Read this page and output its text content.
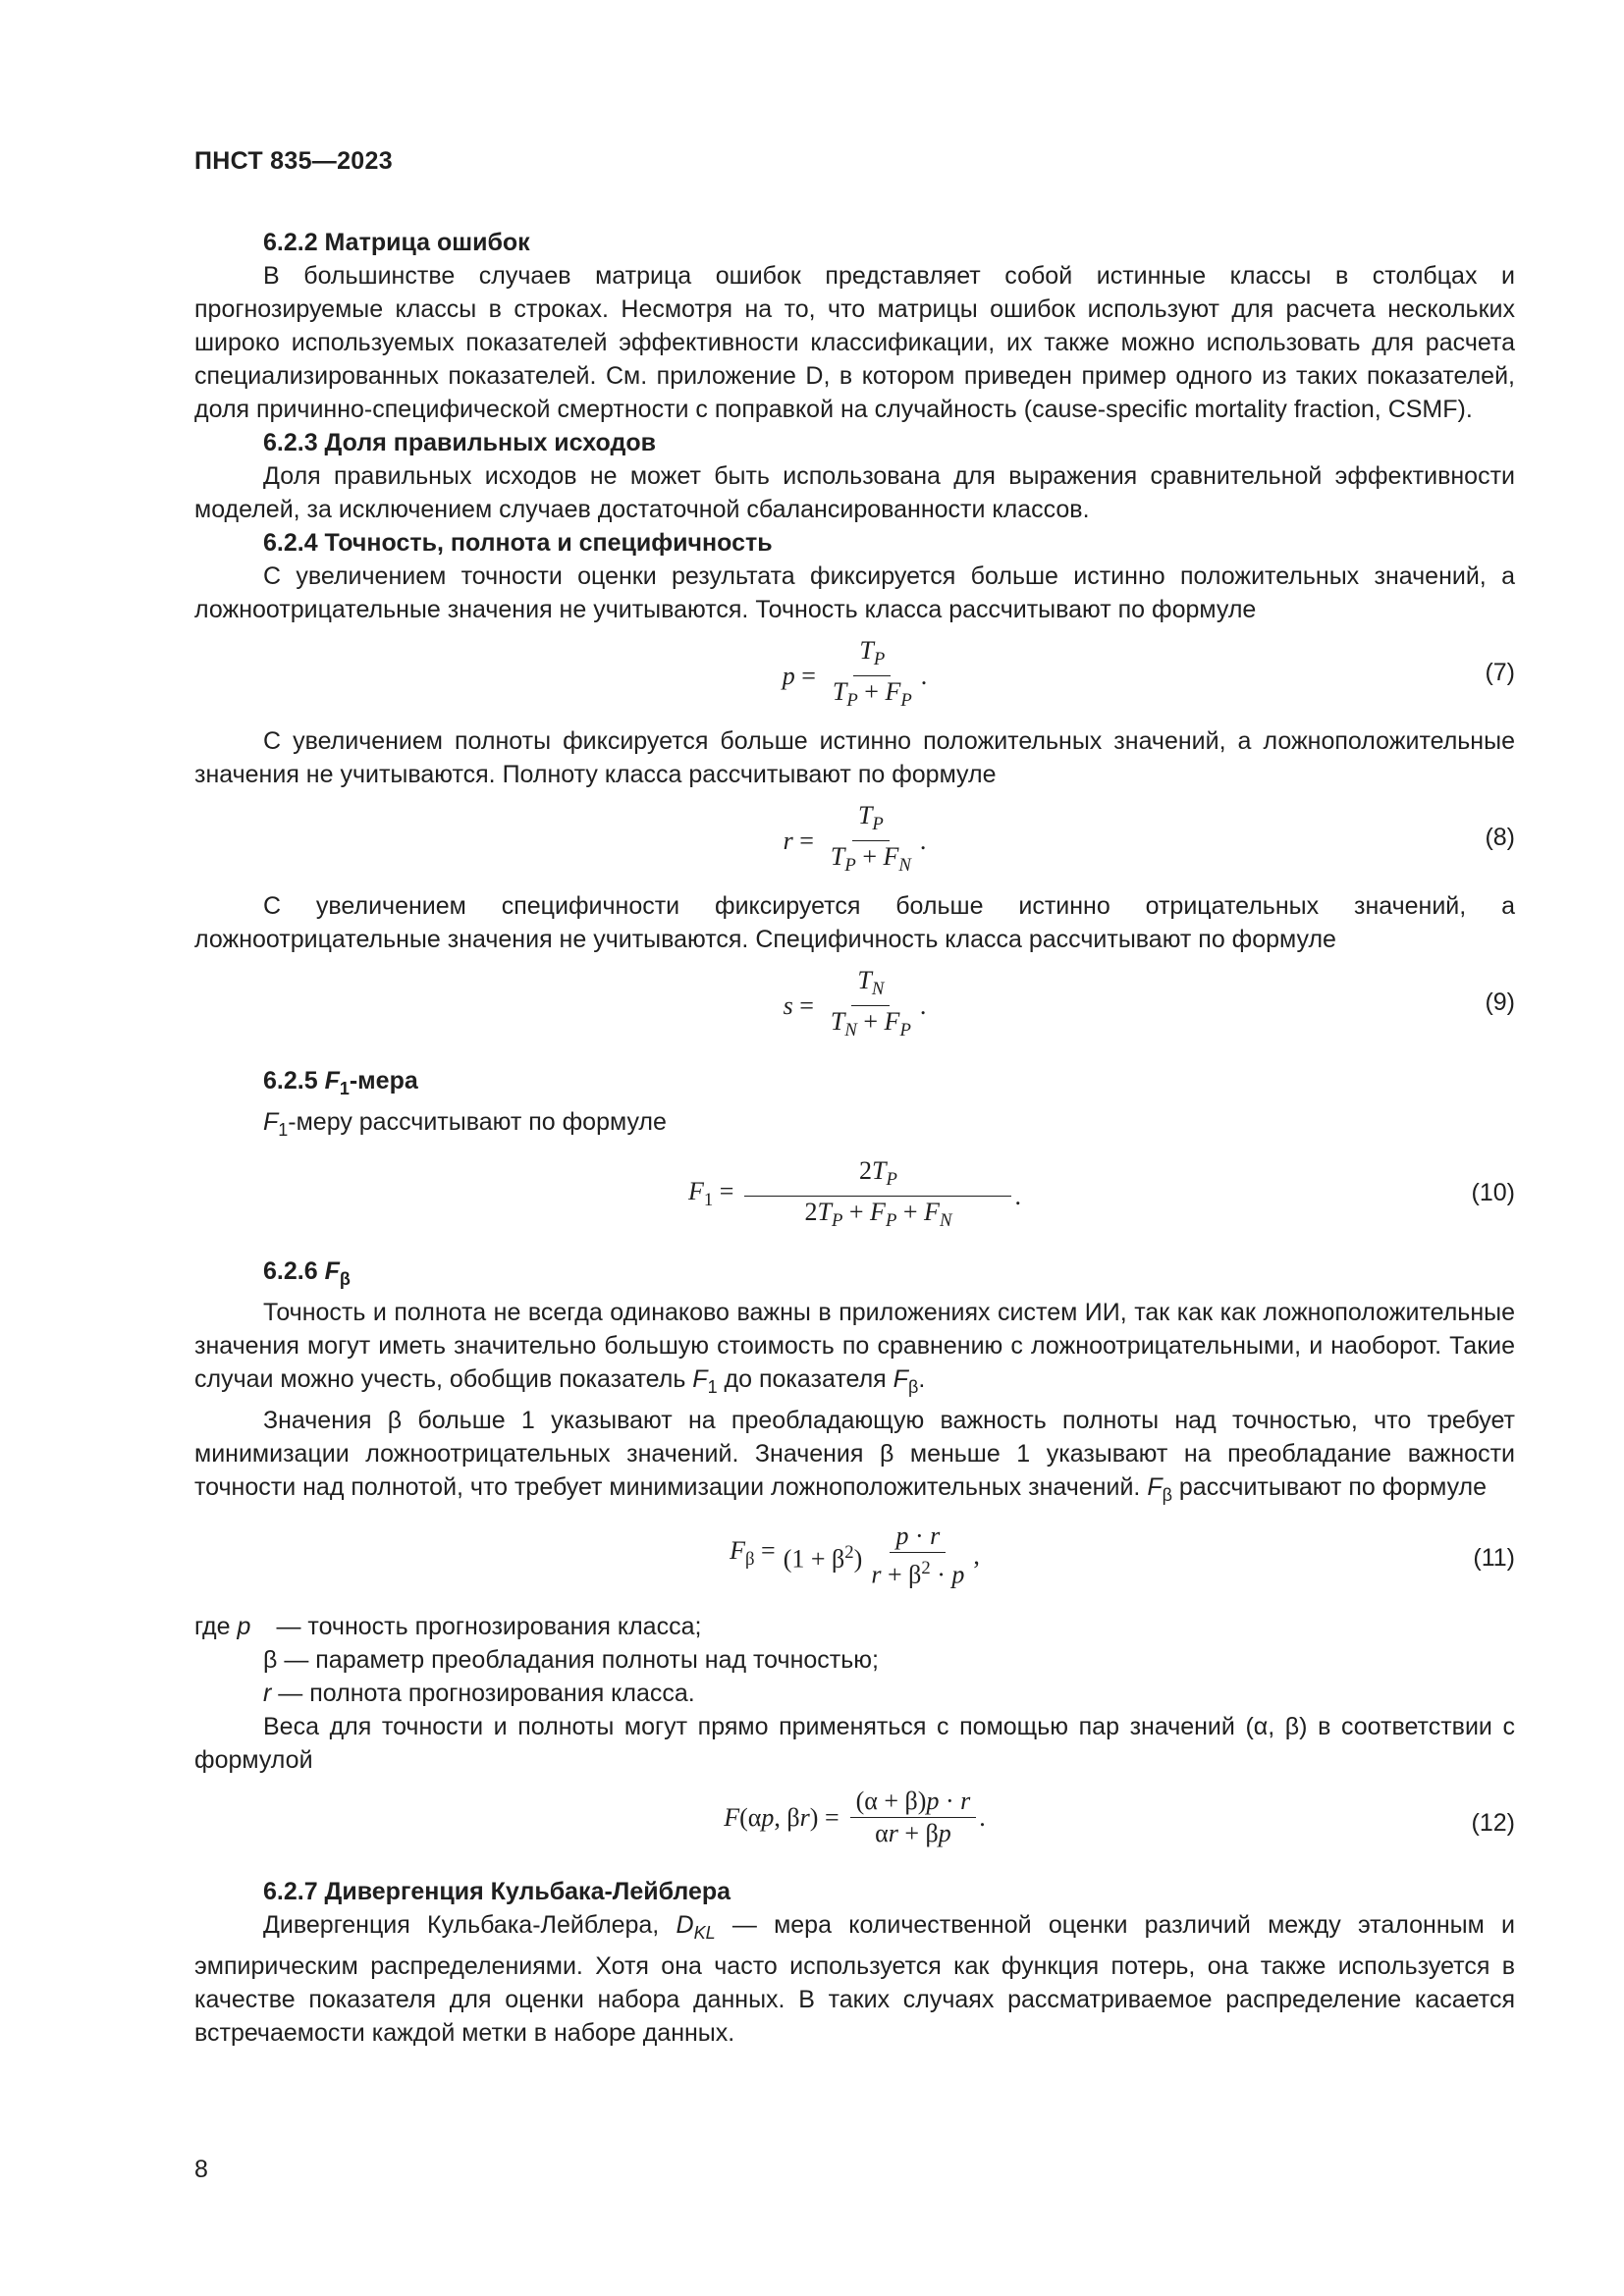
ПНСТ 835—2023
6.2.2 Матрица ошибок

В большинстве случаев матрица ошибок представляет собой истинные классы в столбцах и прогнозируемые классы в строках. Несмотря на то, что матрицы ошибок используют для расчета нескольких широко используемых показателей эффективности классификации, их также можно использовать для расчета специализированных показателей. См. приложение D, в котором приведен пример одного из таких показателей, доля причинно-специфической смертности с поправкой на случайность (cause-specific mortality fraction, CSMF).

6.2.3 Доля правильных исходов

Доля правильных исходов не может быть использована для выражения сравнительной эффективности моделей, за исключением случаев достаточной сбалансированности классов.

6.2.4 Точность, полнота и специфичность

С увеличением точности оценки результата фиксируется больше истинно положительных значений, а ложноотрицательные значения не учитываются. Точность класса рассчитывают по формуле

$p = \frac{T_P}{T_P + F_P}$ .	(7)

С увеличением полноты фиксируется больше истинно положительных значений, а ложноположительные значения не учитываются. Полноту класса рассчитывают по формуле

$r = \frac{T_P}{T_P + F_N}$ .	(8)

С увеличением специфичности фиксируется больше истинно отрицательных значений, а ложноотрицательные значения не учитываются. Специфичность класса рассчитывают по формуле

$s = \frac{T_N}{T_N + F_P}$ .	(9)
6.2.5 $F_1$-мера

$F_1$-меру рассчитывают по формуле

$F_1 = \frac{2T_P}{2T_P + F_P + F_N}$ .	(10)
6.2.6 $F_\beta$

Точность и полнота не всегда одинаково важны в приложениях систем ИИ, так как как ложноположительные значения могут иметь значительно большую стоимость по сравнению с ложноотрицательными, и наоборот. Такие случаи можно учесть, обобщив показатель $F_1$ до показателя $F_\beta$.

Значения β больше 1 указывают на преобладающую важность полноты над точностью, что требует минимизации ложноотрицательных значений. Значения β меньше 1 указывают на преобладание важности точности над полнотой, что требует минимизации ложноположительных значений. $F_\beta$ рассчитывают по формуле

$F_\beta = (1 + \beta^2) \frac{p \cdot r}{r + \beta^2 \cdot p}$ ,	(11)
где
p	— точность прогнозирования класса;
β — параметр преобладания полноты над точностью;
r — полнота прогнозирования класса.

Веса для точности и полноты могут прямо применяться с помощью пар значений (α, β) в соответствии с формулой

F(αp, $\beta r) = \frac{(\alpha + \beta)p \cdot r}{\alpha r + \beta p}$ .	(12)
6.2.7 Дивергенция Кульбака-Лейблера

Дивергенция Кульбака-Лейблера, $D_{KL}$ — мера количественной оценки различий между эталонным и эмпирическим распределениями. Хотя она часто используется как функция потерь, она также используется в качестве показателя для оценки набора данных. В таких случаях рассматриваемое распределение касается встречаемости каждой метки в наборе данных.

8
